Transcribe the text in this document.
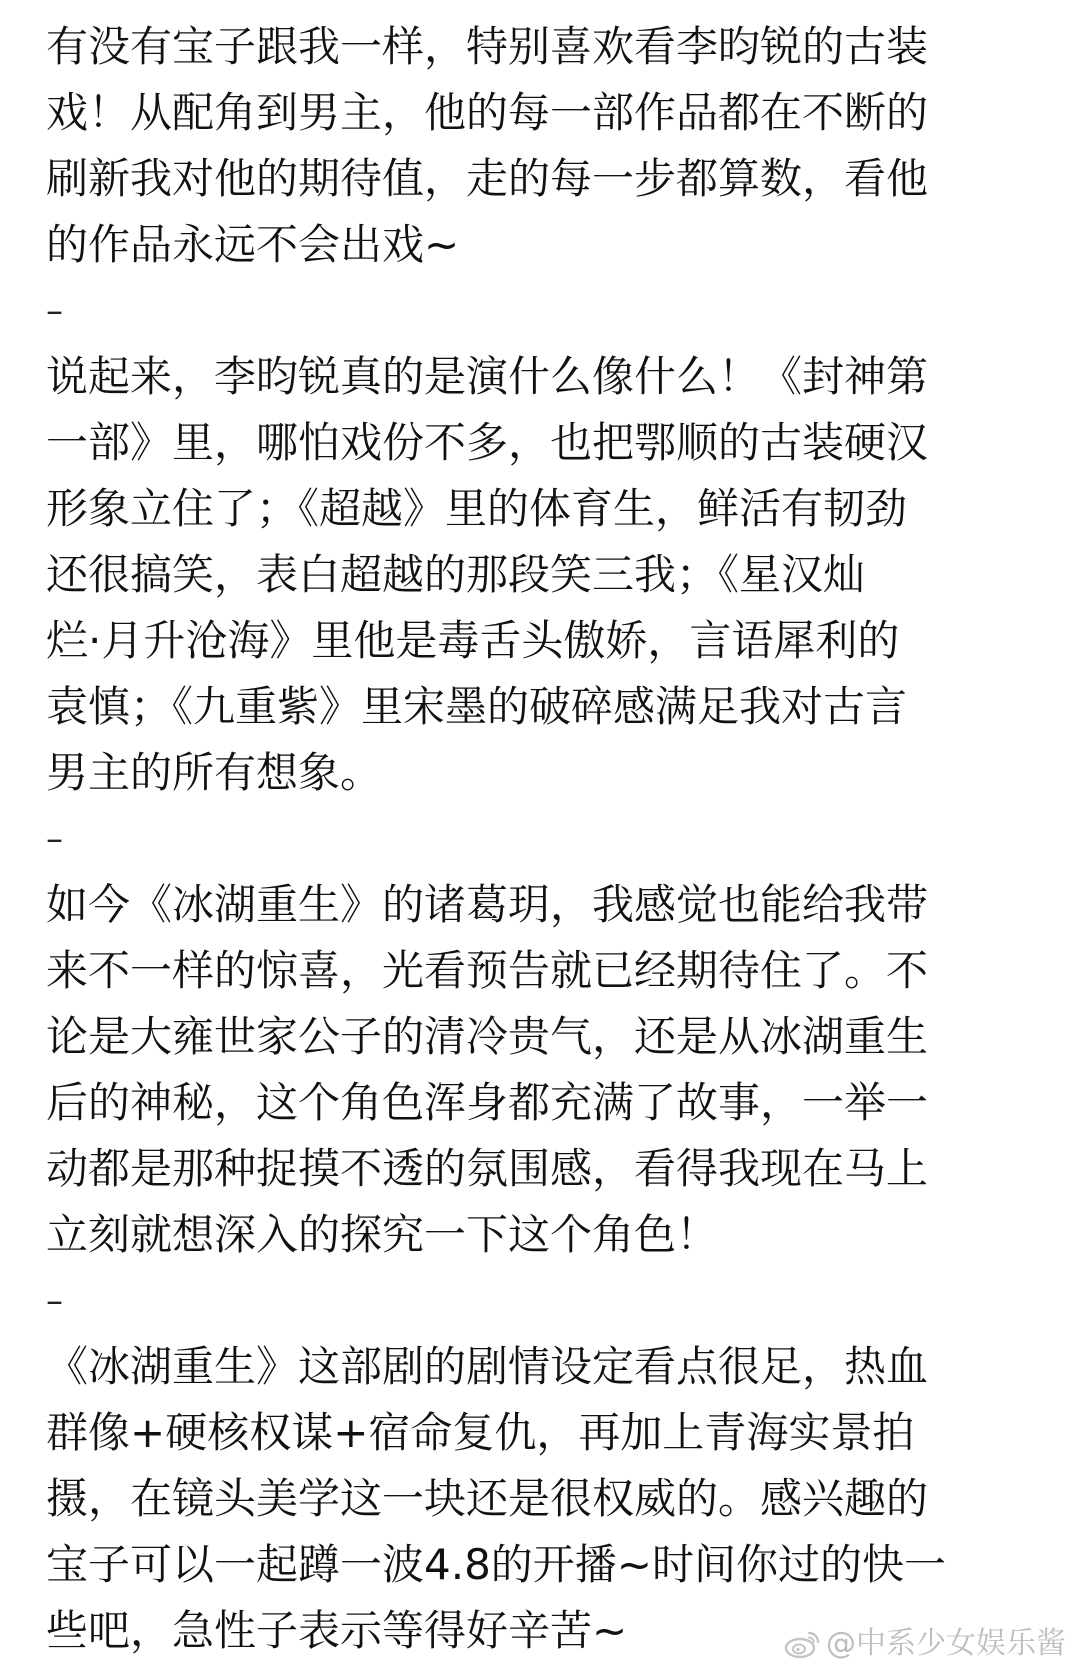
有没有宝子跟我一样，特别喜欢看李昀锐的古装
戏！从配角到男主，他的每一部作品都在不断的
刷新我对他的期待值，走的每一步都算数，看他
的作品永远不会出戏~
–
说起来，李昀锐真的是演什么像什么！《封神第
一部》里，哪怕戏份不多，也把鄂顺的古装硬汉
形象立住了；《超越》里的体育生，鲜活有韧劲
还很搞笑，表白超越的那段笑三我；《星汉灿
烂·月升沧海》里他是毒舌头傲娇，言语犀利的
袁慎；《九重紫》里宋墨的破碎感满足我对古言
男主的所有想象。
–
如今《冰湖重生》的诸葛玥，我感觉也能给我带
来不一样的惊喜，光看预告就已经期待住了。不
论是大雍世家公子的清冷贵气，还是从冰湖重生
后的神秘，这个角色浑身都充满了故事，一举一
动都是那种捉摸不透的氛围感，看得我现在马上
立刻就想深入的探究一下这个角色！
–
《冰湖重生》这部剧的剧情设定看点很足，热血
群像+硬核权谋+宿命复仇，再加上青海实景拍
摄，在镜头美学这一块还是很权威的。感兴趣的
宝子可以一起蹲一波4.8的开播~时间你过的快一
些吧，急性子表示等得好辛苦~	@中系少女娱乐酱
